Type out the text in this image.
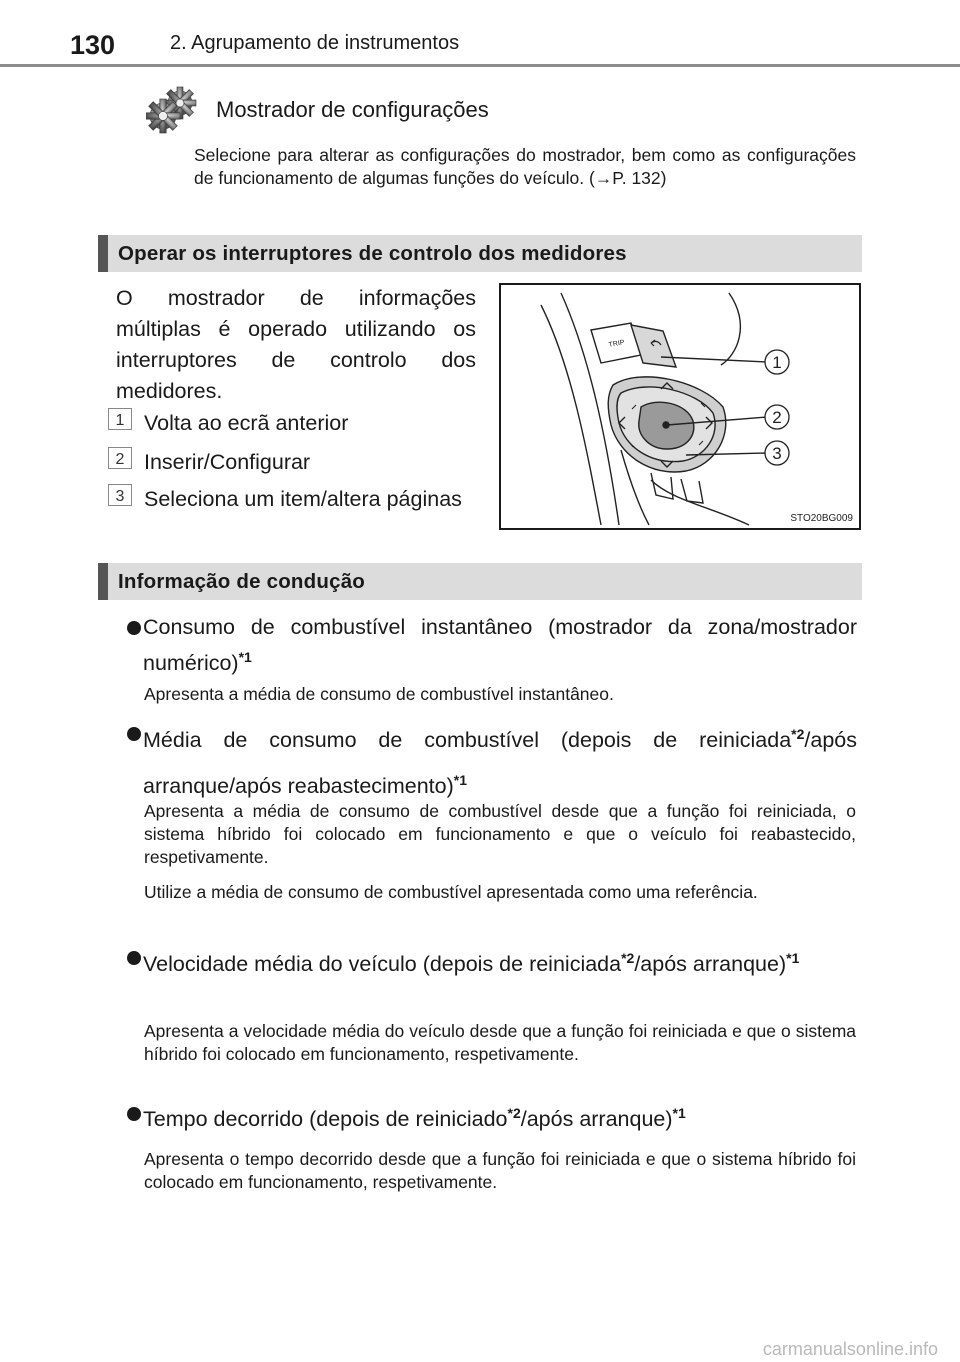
130	2. Agrupamento de instrumentos
Mostrador de configurações
Selecione para alterar as configurações do mostrador, bem como as configurações de funcionamento de algumas funções do veículo. (→P. 132)
Operar os interruptores de controlo dos medidores
O mostrador de informações múltiplas é operado utilizando os interruptores de controlo dos medidores.
1 Volta ao ecrã anterior
2 Inserir/Configurar
3 Seleciona um item/altera páginas
1
2
3
TRIP
STO20BG009
Informação de condução
Consumo de combustível instantâneo (mostrador da zona/mostrador numérico)$^{*1}$
Apresenta a média de consumo de combustível instantâneo.
Média de consumo de combustível (depois de reiniciada$^{*2}$/após arranque/após reabastecimento)$^{*1}$
Apresenta a média de consumo de combustível desde que a função foi reiniciada, o sistema híbrido foi colocado em funcionamento e que o veículo foi reabastecido, respetivamente.
Utilize a média de consumo de combustível apresentada como uma referência.
Velocidade média do veículo (depois de reiniciada$^{*2}$/após arranque)$^{*1}$
Apresenta a velocidade média do veículo desde que a função foi reiniciada e que o sistema híbrido foi colocado em funcionamento, respetivamente.
Tempo decorrido (depois de reiniciado$^{*2}$/após arranque)$^{*1}$
Apresenta o tempo decorrido desde que a função foi reiniciada e que o sistema híbrido foi colocado em funcionamento, respetivamente.
carmanualsonline.info
